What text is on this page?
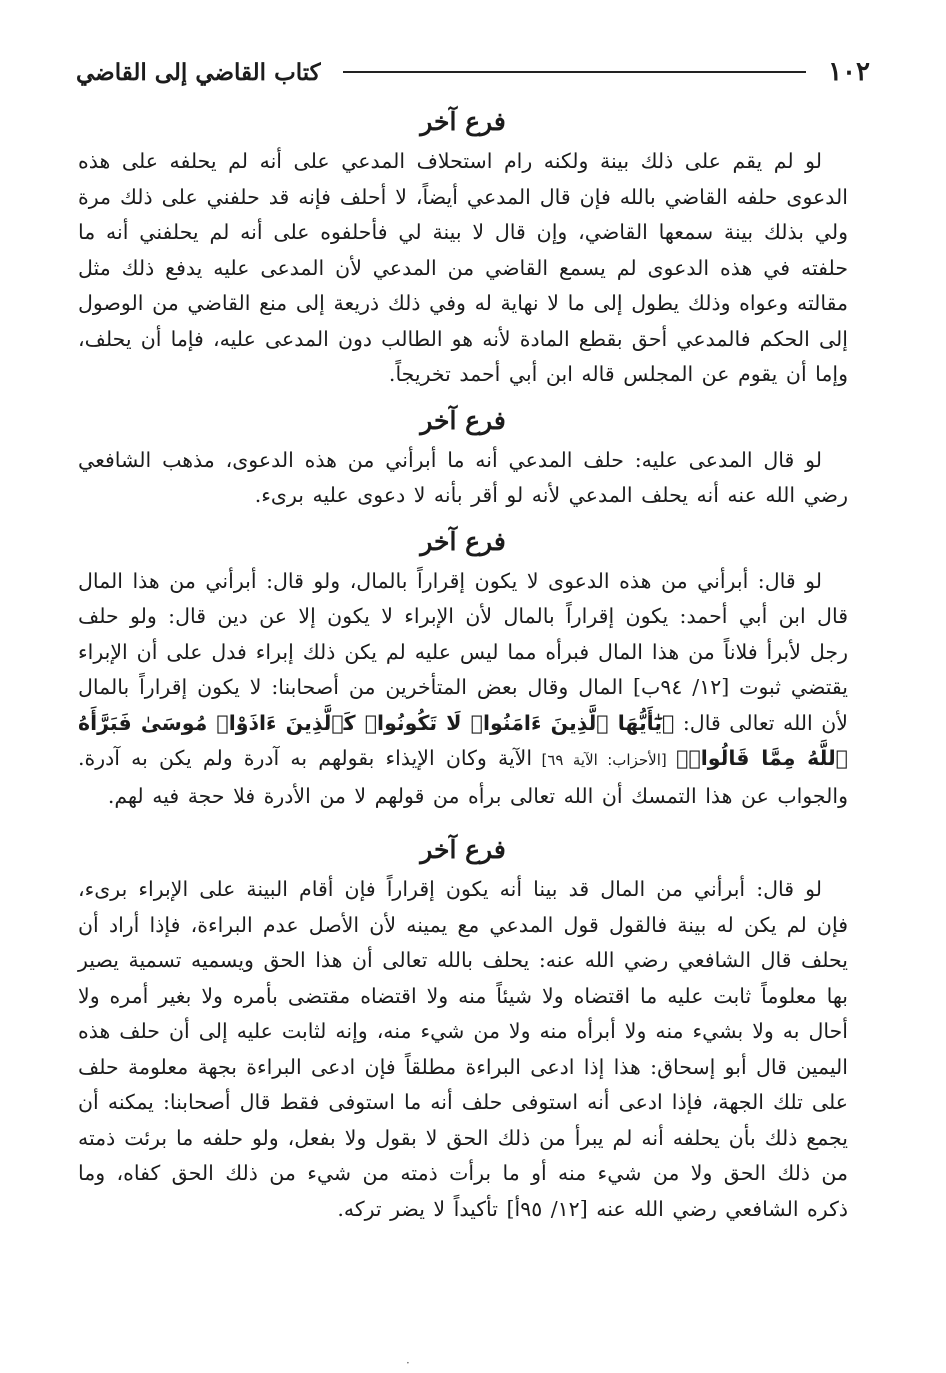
١٠٢
كتاب القاضي إلى القاضي
فرع آخر

لو لم يقم على ذلك بينة ولكنه رام استحلاف المدعي على أنه لم يحلفه على هذه الدعوى حلفه القاضي بالله فإن قال المدعي أيضاً، لا أحلف فإنه قد حلفني على ذلك مرة ولي بذلك بينة سمعها القاضي، وإن قال لا بينة لي فأحلفوه على أنه لم يحلفني أنه ما حلفته في هذه الدعوى لم يسمع القاضي من المدعي لأن المدعى عليه يدفع ذلك مثل مقالته وعواه وذلك يطول إلى ما لا نهاية له وفي ذلك ذريعة إلى منع القاضي من الوصول إلى الحكم فالمدعي أحق بقطع المادة لأنه هو الطالب دون المدعى عليه، فإما أن يحلف، وإما أن يقوم عن المجلس قاله ابن أبي أحمد تخريجاً.

فرع آخر

لو قال المدعى عليه: حلف المدعي أنه ما أبرأني من هذه الدعوى، مذهب الشافعي رضي الله عنه أنه يحلف المدعي لأنه لو أقر بأنه لا دعوى عليه برىء.

فرع آخر

لو قال: أبرأني من هذه الدعوى لا يكون إقراراً بالمال، ولو قال: أبرأني من هذا المال قال ابن أبي أحمد: يكون إقراراً بالمال لأن الإبراء لا يكون إلا عن دين قال: ولو حلف رجل لأبرأ فلاناً من هذا المال فبرأه مما ليس عليه لم يكن ذلك إبراء فدل على أن الإبراء يقتضي ثبوت [١٢/ ٩٤ب] المال وقال بعض المتأخرين من أصحابنا: لا يكون إقراراً بالمال لأن الله تعالى قال: ﴿يَٰٓأَيُّهَا ٱلَّذِينَ ءَامَنُوا۟ لَا تَكُونُوا۟ كَٱلَّذِينَ ءَاذَوْا۟ مُوسَىٰ فَبَرَّأَهُ ٱللَّهُ مِمَّا قَالُوا۟﴾ [الأحزاب: الآية ٦٩] الآية وكان الإيذاء بقولهم به آدرة ولم يكن به آدرة. والجواب عن هذا التمسك أن الله تعالى برأه من قولهم لا من الأدرة فلا حجة فيه لهم.

فرع آخر

لو قال: أبرأني من المال قد بينا أنه يكون إقراراً فإن أقام البينة على الإبراء برىء، فإن لم يكن له بينة فالقول قول المدعي مع يمينه لأن الأصل عدم البراءة، فإذا أراد أن يحلف قال الشافعي رضي الله عنه: يحلف بالله تعالى أن هذا الحق ويسميه تسمية يصير بها معلوماً ثابت عليه ما اقتضاه ولا شيئاً منه ولا اقتضاه مقتضى بأمره ولا بغير أمره ولا أحال به ولا بشيء منه ولا أبرأه منه ولا من شيء منه، وإنه لثابت عليه إلى أن حلف هذه اليمين قال أبو إسحاق: هذا إذا ادعى البراءة مطلقاً فإن ادعى البراءة بجهة معلومة حلف على تلك الجهة، فإذا ادعى أنه استوفى حلف أنه ما استوفى فقط قال أصحابنا: يمكنه أن يجمع ذلك بأن يحلفه أنه لم يبرأ من ذلك الحق لا بقول ولا بفعل، ولو حلفه ما برئت ذمته من ذلك الحق ولا من شيء منه أو ما برأت ذمته من شيء من ذلك الحق كفاه، وما ذكره الشافعي رضي الله عنه [١٢/ ٩٥أ] تأكيداً لا يضر تركه.

·
